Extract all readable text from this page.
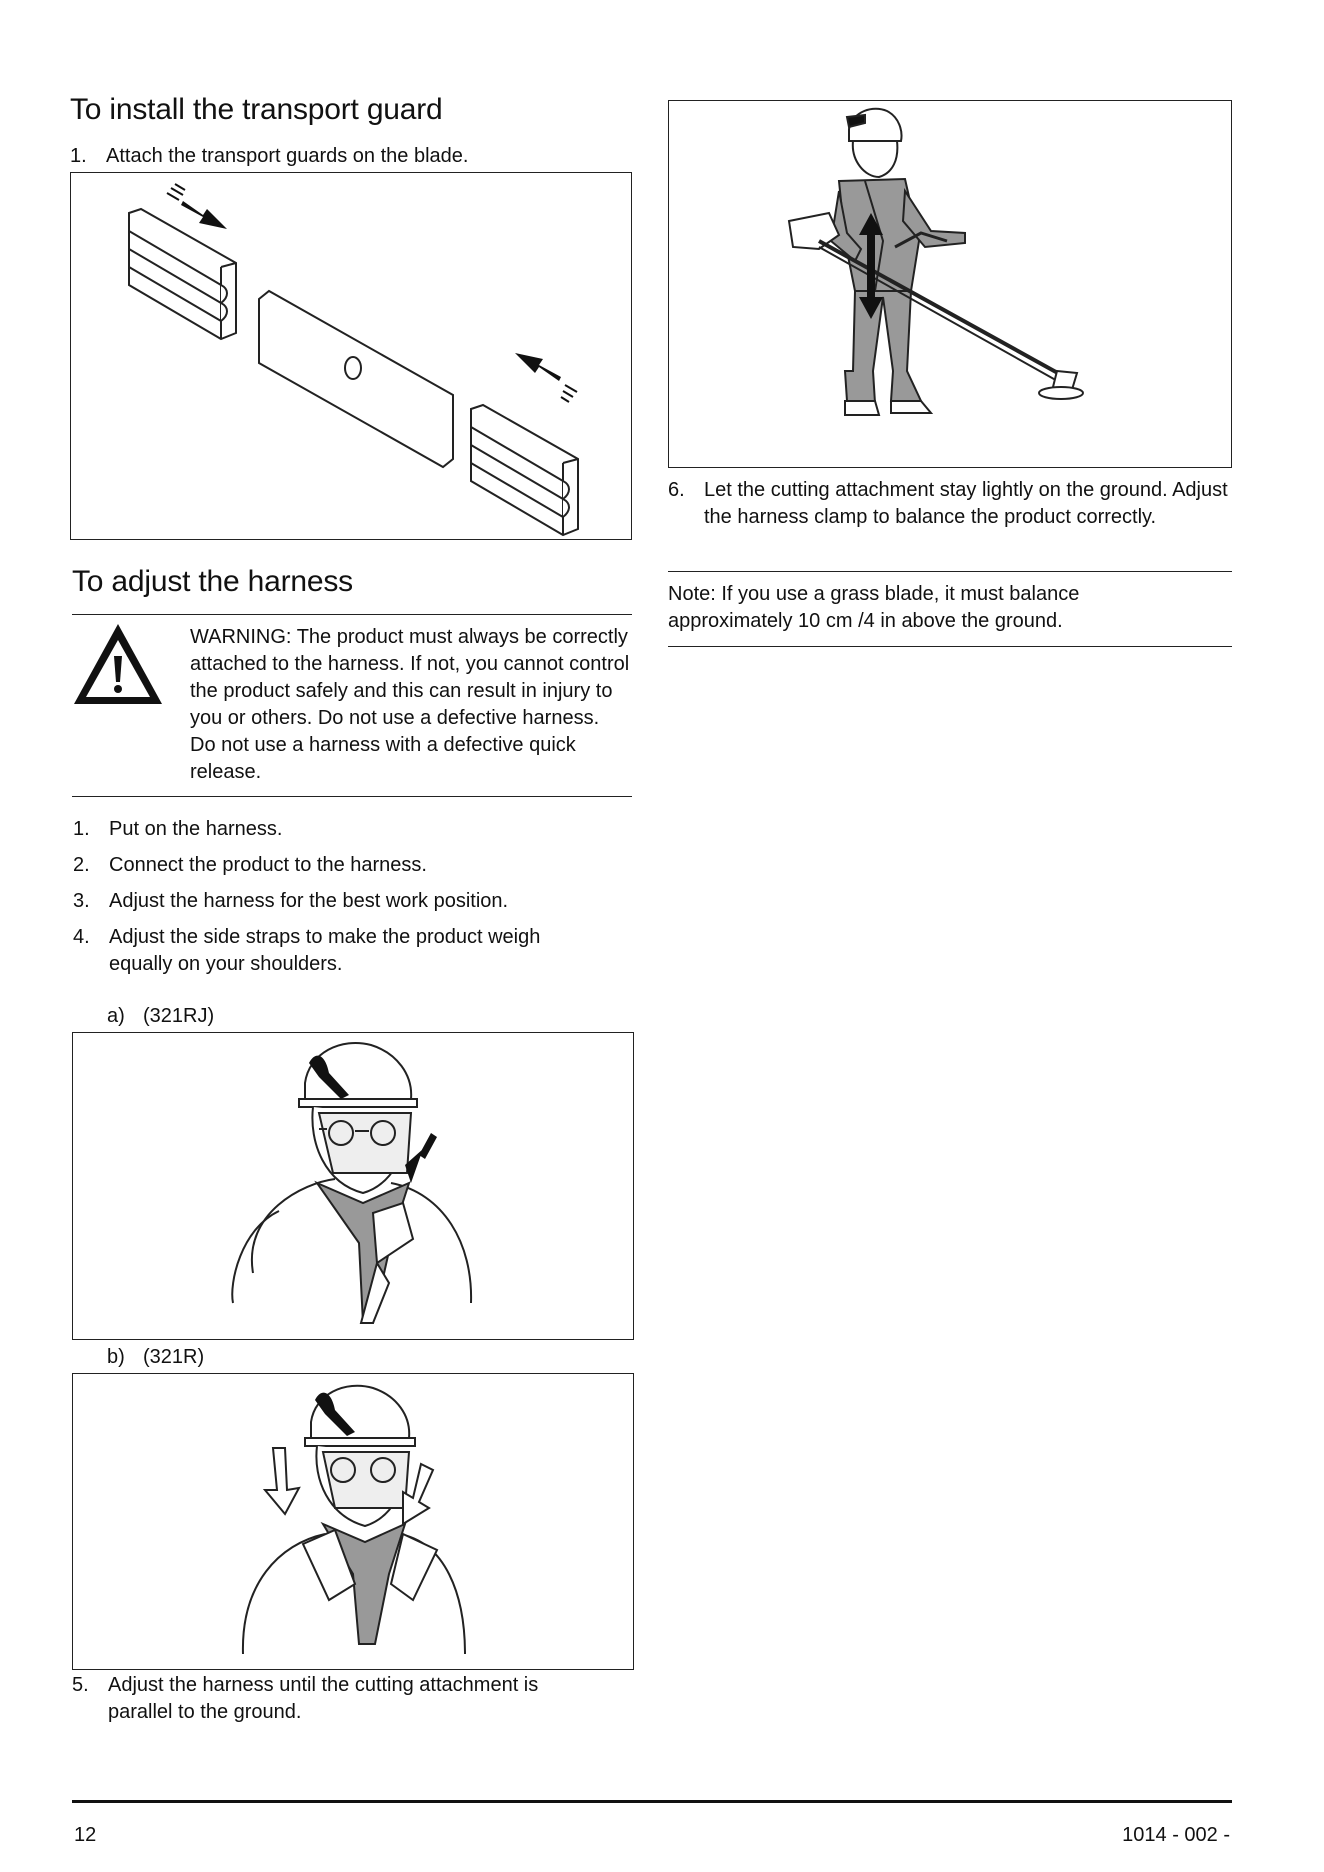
To install the transport guard
1. Attach the transport guards on the blade.
To adjust the harness
WARNING: The product must always be correctly attached to the harness. If not, you cannot control the product safely and this can result in injury to you or others. Do not use a defective harness. Do not use a harness with a defective quick release.
1. Put on the harness.
2. Connect the product to the harness.
3. Adjust the harness for the best work position.
4. Adjust the side straps to make the product weigh equally on your shoulders.
a) (321RJ)
b) (321R)
5. Adjust the harness until the cutting attachment is parallel to the ground.
6. Let the cutting attachment stay lightly on the ground. Adjust the harness clamp to balance the product correctly.
Note: If you use a grass blade, it must balance approximately 10 cm /4 in above the ground.
12	1014 - 002 -
